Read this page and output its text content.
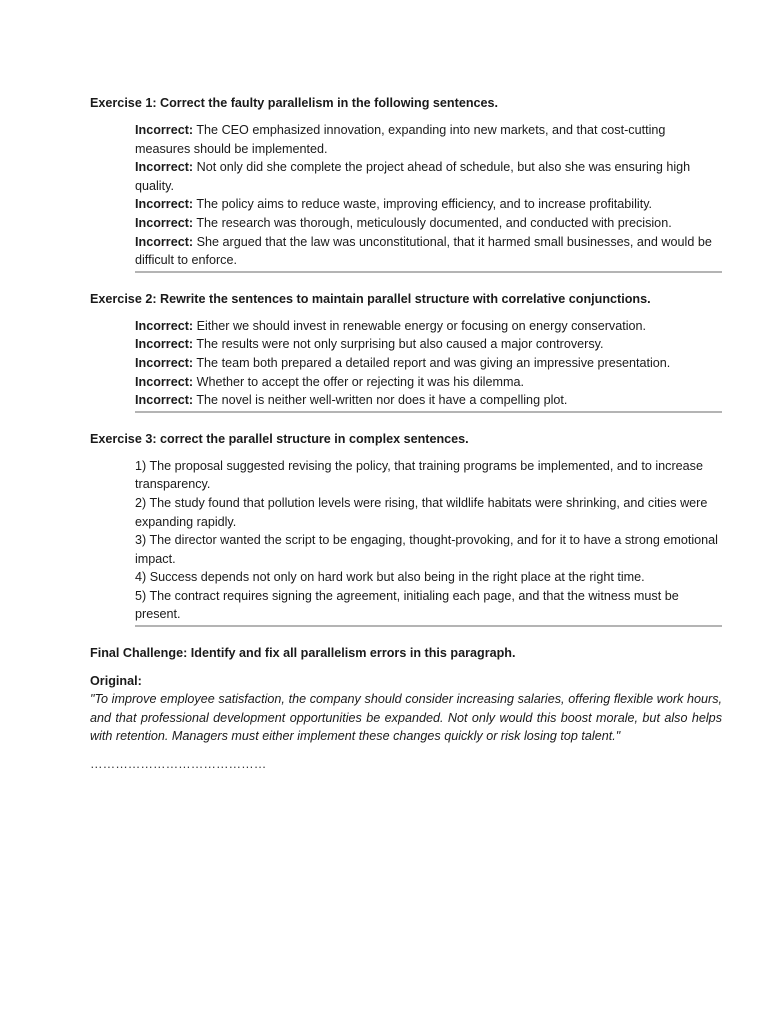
Exercise 1: Correct the faulty parallelism in the following sentences.

Incorrect: The CEO emphasized innovation, expanding into new markets, and that cost-cutting measures should be implemented.
Incorrect: Not only did she complete the project ahead of schedule, but also she was ensuring high quality.
Incorrect: The policy aims to reduce waste, improving efficiency, and to increase profitability.
Incorrect: The research was thorough, meticulously documented, and conducted with precision.
Incorrect: She argued that the law was unconstitutional, that it harmed small businesses, and would be difficult to enforce.

Exercise 2: Rewrite the sentences to maintain parallel structure with correlative conjunctions.

Incorrect: Either we should invest in renewable energy or focusing on energy conservation.
Incorrect: The results were not only surprising but also caused a major controversy.
Incorrect: The team both prepared a detailed report and was giving an impressive presentation.
Incorrect: Whether to accept the offer or rejecting it was his dilemma.
Incorrect: The novel is neither well-written nor does it have a compelling plot.

Exercise 3: correct the parallel structure in complex sentences.

1) The proposal suggested revising the policy, that training programs be implemented, and to increase transparency.
2) The study found that pollution levels were rising, that wildlife habitats were shrinking, and cities were expanding rapidly.
3) The director wanted the script to be engaging, thought-provoking, and for it to have a strong emotional impact.
4) Success depends not only on hard work but also being in the right place at the right time.
5) The contract requires signing the agreement, initialing each page, and that the witness must be present.

Final Challenge: Identify and fix all parallelism errors in this paragraph.

Original:

"To improve employee satisfaction, the company should consider increasing salaries, offering flexible work hours, and that professional development opportunities be expanded. Not only would this boost morale, but also helps with retention. Managers must either implement these changes quickly or risk losing top talent."

……………………………………
